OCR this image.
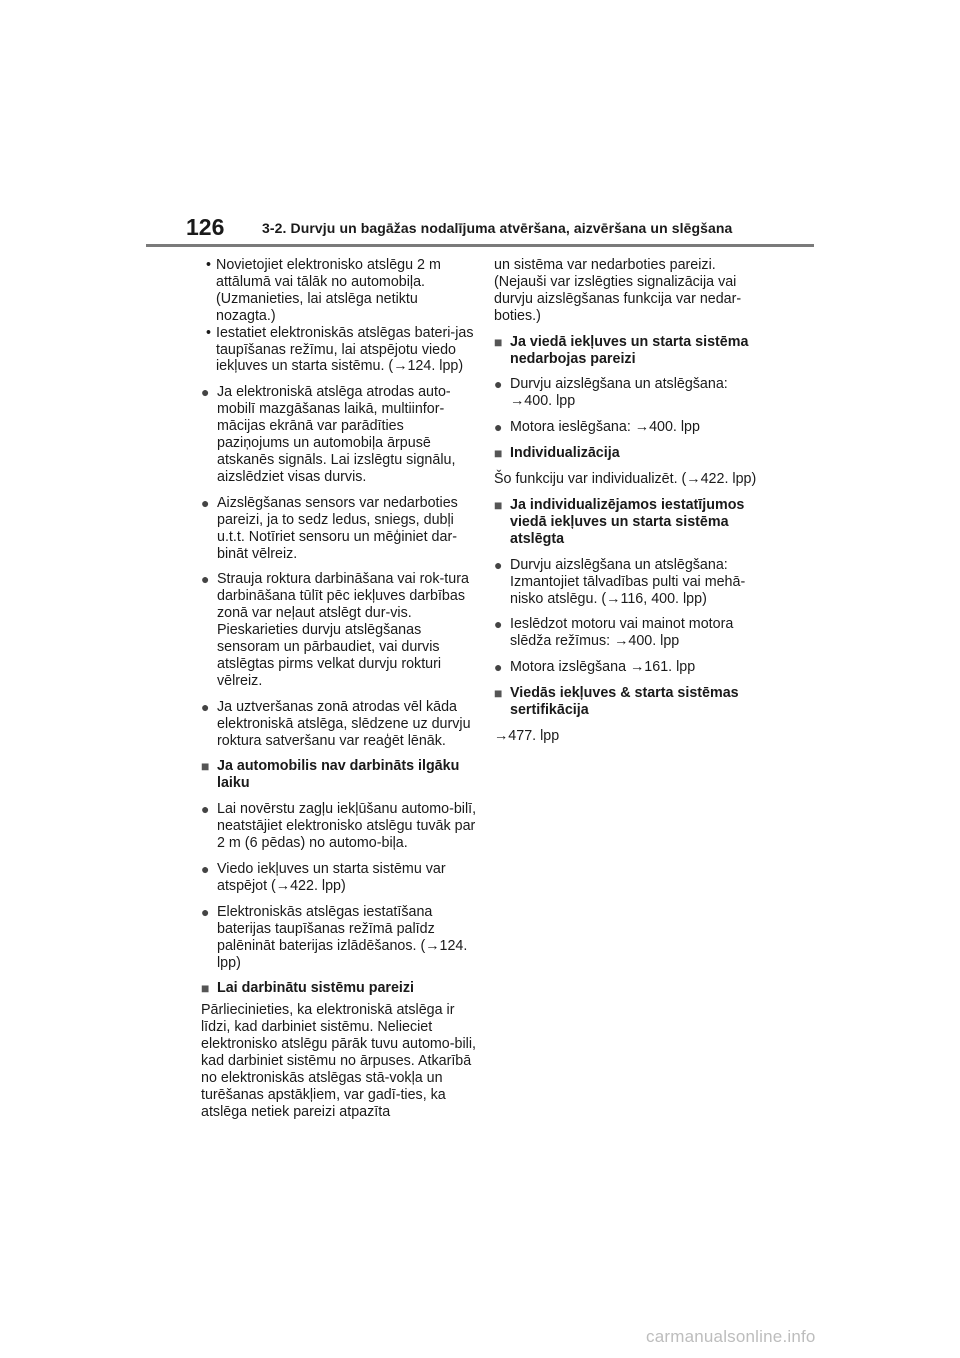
126	3-2. Durvju un bagāžas nodalījuma atvēršana, aizvēršana un slēgšana
• Novietojiet elektronisko atslēgu 2 m attālumā vai tālāk no automobiļa. (Uzmanieties, lai atslēga netiktu nozagta.)
• Iestatiet elektroniskās atslēgas bateri-jas taupīšanas režīmu, lai atspējotu viedo iekļuves un starta sistēmu. (→124. lpp)
● Ja elektroniskā atslēga atrodas auto-mobilī mazgāšanas laikā, multiinfor-mācijas ekrānā var parādīties paziņojums un automobiļa ārpusē atskanēs signāls. Lai izslēgtu signālu, aizslēdziet visas durvis.
● Aizslēgšanas sensors var nedarboties pareizi, ja to sedz ledus, sniegs, dubļi u.t.t. Notīriet sensoru un mēģiniet dar-bināt vēlreiz.
● Strauja roktura darbināšana vai rok-tura darbināšana tūlīt pēc iekļuves darbības zonā var neļaut atslēgt dur-vis. Pieskarieties durvju atslēgšanas sensoram un pārbaudiet, vai durvis atslēgtas pirms velkat durvju rokturi vēlreiz.
● Ja uztveršanas zonā atrodas vēl kāda elektroniskā atslēga, slēdzene uz durvju roktura satveršanu var reaģēt lēnāk.
■ Ja automobilis nav darbināts ilgāku laiku
● Lai novērstu zagļu iekļūšanu automo-bilī, neatstājiet elektronisko atslēgu tuvāk par 2 m (6 pēdas) no automo-biļa.
● Viedo iekļuves un starta sistēmu var atspējot (→422. lpp)
● Elektroniskās atslēgas iestatīšana baterijas taupīšanas režīmā palīdz palēnināt baterijas izlādēšanos. (→124. lpp)
■ Lai darbinātu sistēmu pareizi
Pārliecinieties, ka elektroniskā atslēga ir līdzi, kad darbiniet sistēmu. Nelieciet elektronisko atslēgu pārāk tuvu automo-bili, kad darbiniet sistēmu no ārpuses. Atkarībā no elektroniskās atslēgas stā-vokļa un turēšanas apstākļiem, var gadī-ties, ka atslēga netiek pareizi atpazīta
un sistēma var nedarboties pareizi. (Nejauši var izslēgties signalizācija vai durvju aizslēgšanas funkcija var nedar-boties.)
■ Ja viedā iekļuves un starta sistēma nedarbojas pareizi
● Durvju aizslēgšana un atslēgšana: →400. lpp
● Motora ieslēgšana: →400. lpp
■ Individualizācija
Šo funkciju var individualizēt. (→422. lpp)
■ Ja individualizējamos iestatījumos viedā iekļuves un starta sistēma atslēgta
● Durvju aizslēgšana un atslēgšana: Izmantojiet tālvadības pulti vai mehā-nisko atslēgu. (→116, 400. lpp)
● Ieslēdzot motoru vai mainot motora slēdža režīmus: →400. lpp
● Motora izslēgšana →161. lpp
■ Viedās iekļuves & starta sistēmas sertifikācija
→477. lpp
carmanualsonline.info
